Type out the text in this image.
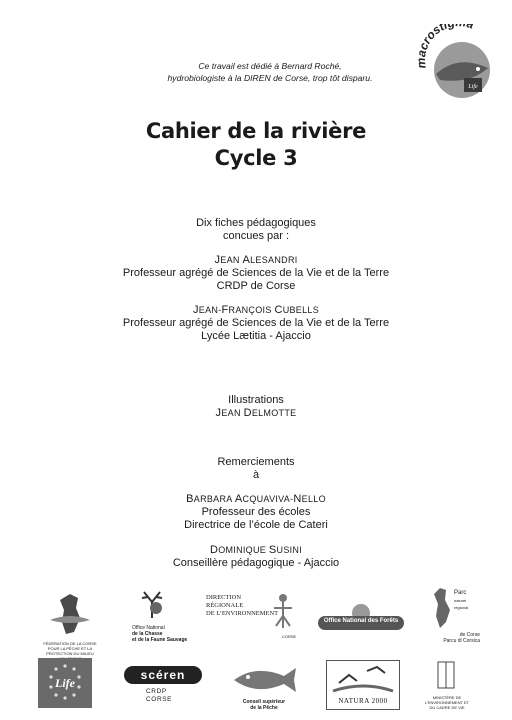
Ce travail est dédié à Bernard Roché,
hydrobiologiste à la DIREN de Corse, trop tôt disparu.
Life
rosti
Cahier de la rivière
Cycle 3
Dix fiches pédagogiques
concues par :
JEAN ALESANDRI
Professeur agrégé de Sciences de la Vie et de la Terre
CRDP de Corse
JEAN-FRANÇOIS CUBELLS
Professeur agrégé de Sciences de la Vie et de la Terre
Lycée Lætitia - Ajaccio
Illustrations
JEAN DELMOTTE
Remerciements
à
BARBARA ACQUAVIVA-NELLO
Professeur des écoles
Directrice de l’école de Cateri
DOMINIQUE SUSINI
Conseillère pédagogique - Ajaccio
FÉDÉRATION DE LA CORSE POUR LA PÊCHE ET LA PROTECTION DU MILIEU
Office National
de la Chasse
et de la Faune Sauvage
DIRECTION
RÉGIONALE
DE L’ENVIRONNEMENT
CORSE
Office National des Forêts
Parc
naturel
régional
de Corse
Parcu di Corsica
Life
scéren
CRDP
CORSE	Conseil supérieur
de la Pêche
NATURA 2000	MINISTÈRE DE L’ENVIRONNEMENT ET DU CADRE DE VIE
